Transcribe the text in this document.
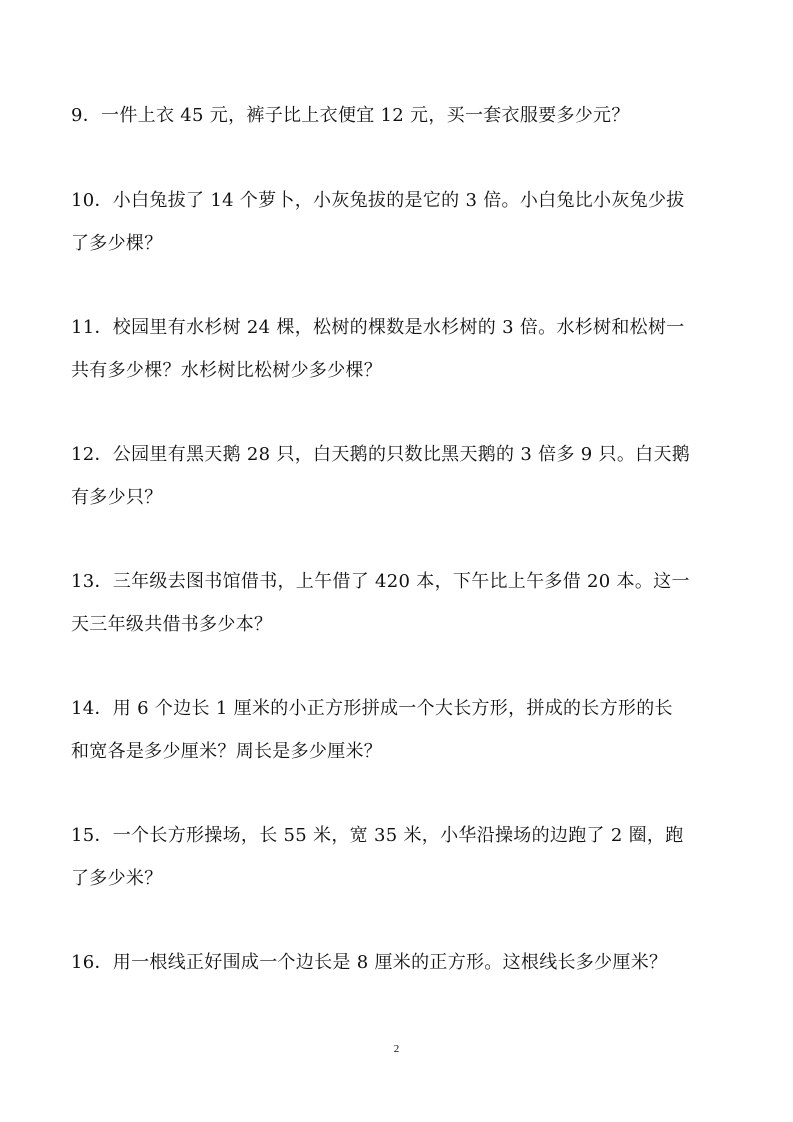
9．一件上衣 45 元，裤子比上衣便宜 12 元，买一套衣服要多少元？
10．小白兔拔了 14 个萝卜，小灰兔拔的是它的 3 倍。小白兔比小灰兔少拔
了多少棵？
11．校园里有水杉树 24 棵，松树的棵数是水杉树的 3 倍。水杉树和松树一
共有多少棵？水杉树比松树少多少棵？
12．公园里有黑天鹅 28 只，白天鹅的只数比黑天鹅的 3 倍多 9 只。白天鹅
有多少只？
13．三年级去图书馆借书，上午借了 420 本，下午比上午多借 20 本。这一
天三年级共借书多少本？
14．用 6 个边长 1 厘米的小正方形拼成一个大长方形，拼成的长方形的长
和宽各是多少厘米？周长是多少厘米？
15．一个长方形操场，长 55 米，宽 35 米，小华沿操场的边跑了 2 圈，跑
了多少米？
16．用一根线正好围成一个边长是 8 厘米的正方形。这根线长多少厘米？
2
